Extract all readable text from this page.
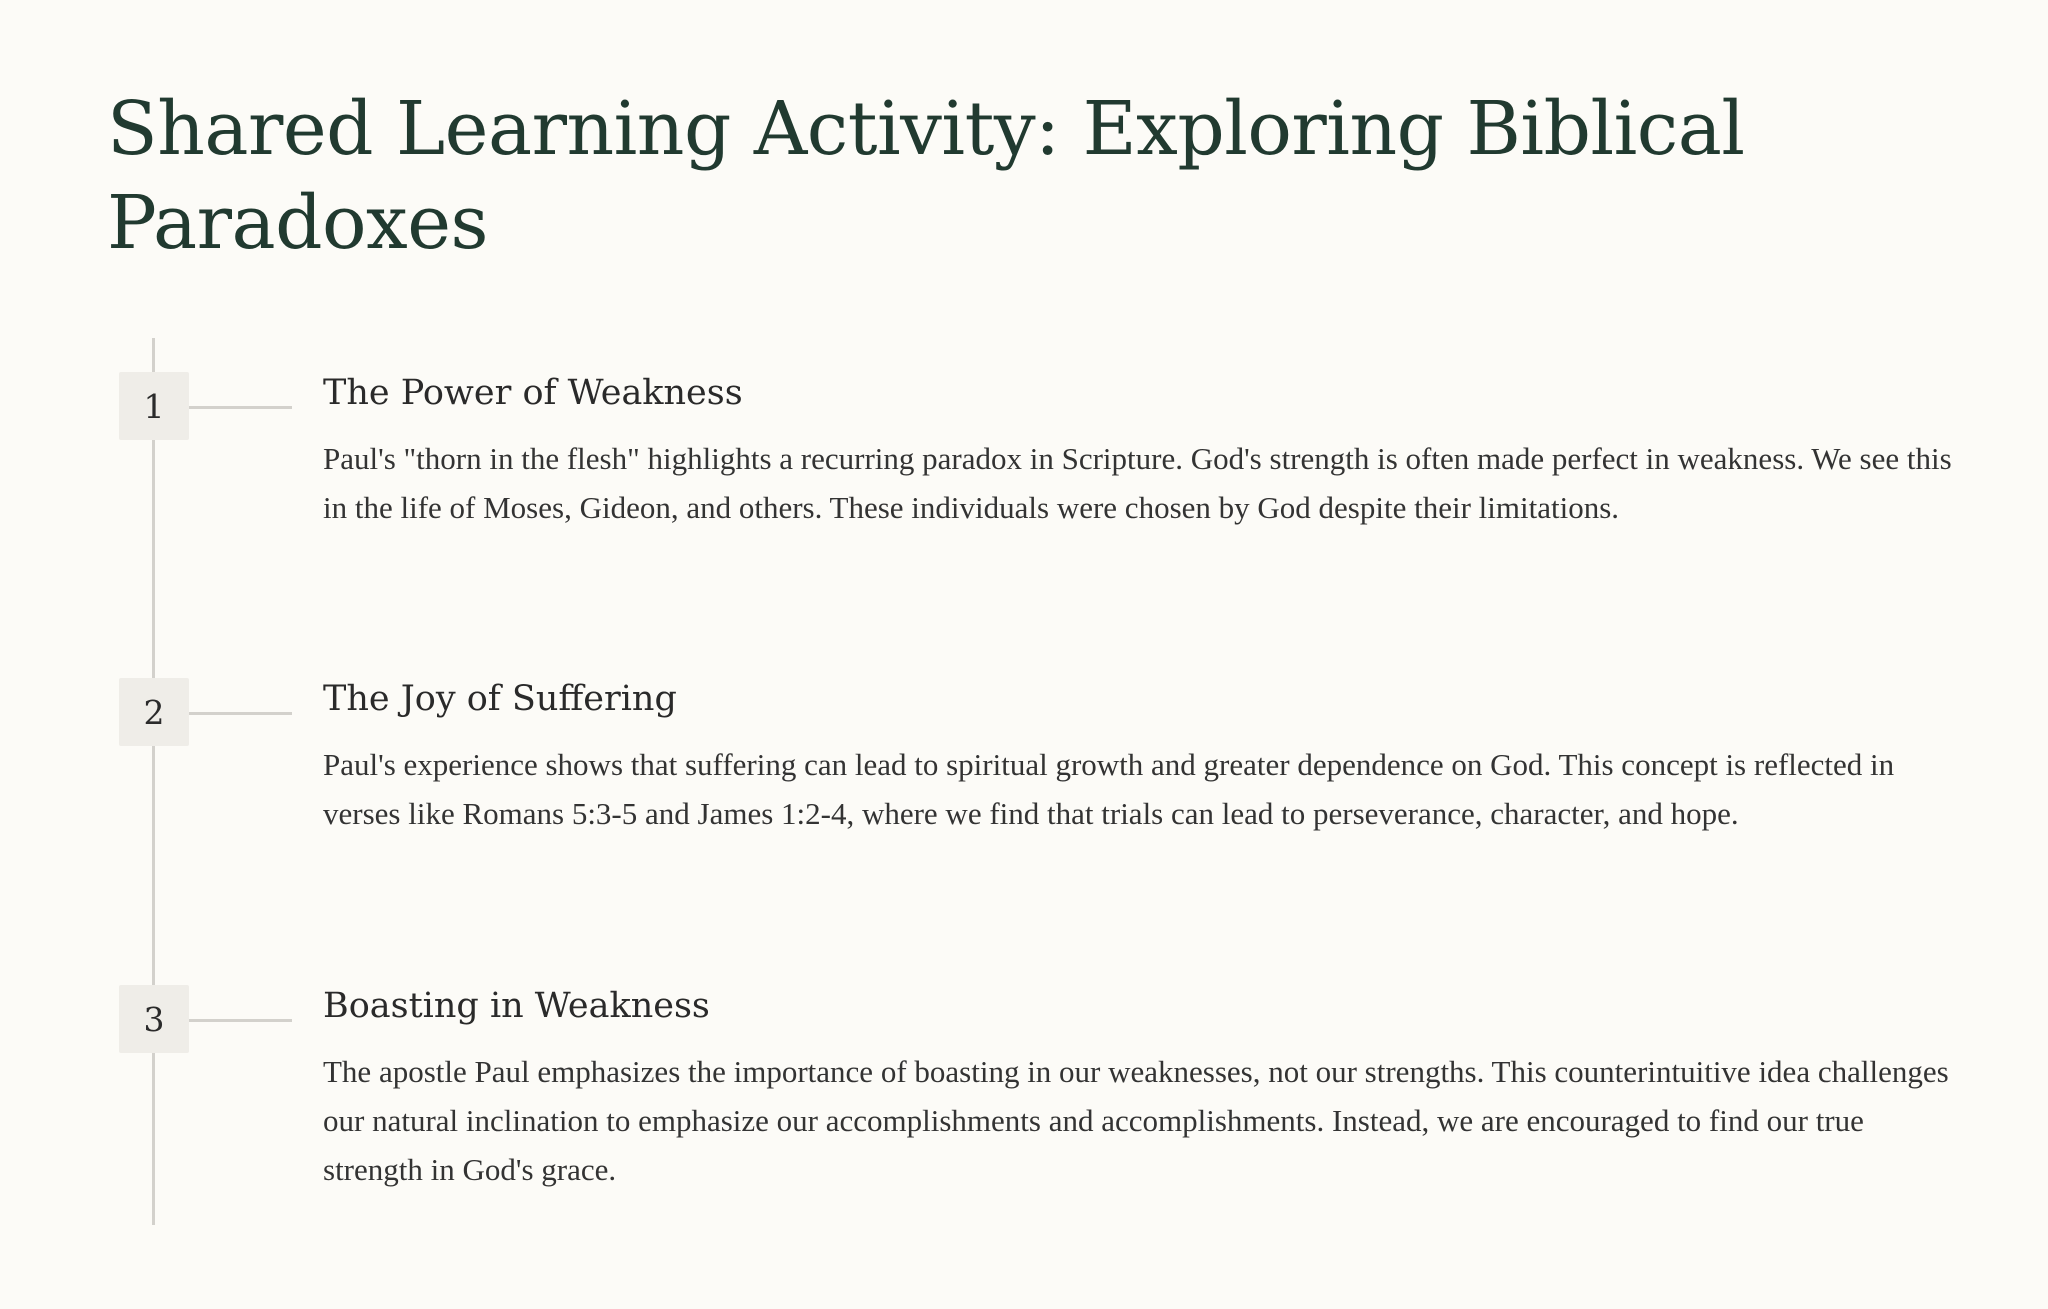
Shared Learning Activity: Exploring Biblical Paradoxes
1	The Power of Weakness

Paul's "thorn in the flesh" highlights a recurring paradox in Scripture. God's strength is often made perfect in weakness. We see this in the life of Moses, Gideon, and others. These individuals were chosen by God despite their limitations.

2	The Joy of Suffering

Paul's experience shows that suffering can lead to spiritual growth and greater dependence on God. This concept is reflected in verses like Romans 5:3-5 and James 1:2-4, where we find that trials can lead to perseverance, character, and hope.

3	Boasting in Weakness

The apostle Paul emphasizes the importance of boasting in our weaknesses, not our strengths. This counterintuitive idea challenges our natural inclination to emphasize our accomplishments and accomplishments. Instead, we are encouraged to find our true strength in God's grace.
